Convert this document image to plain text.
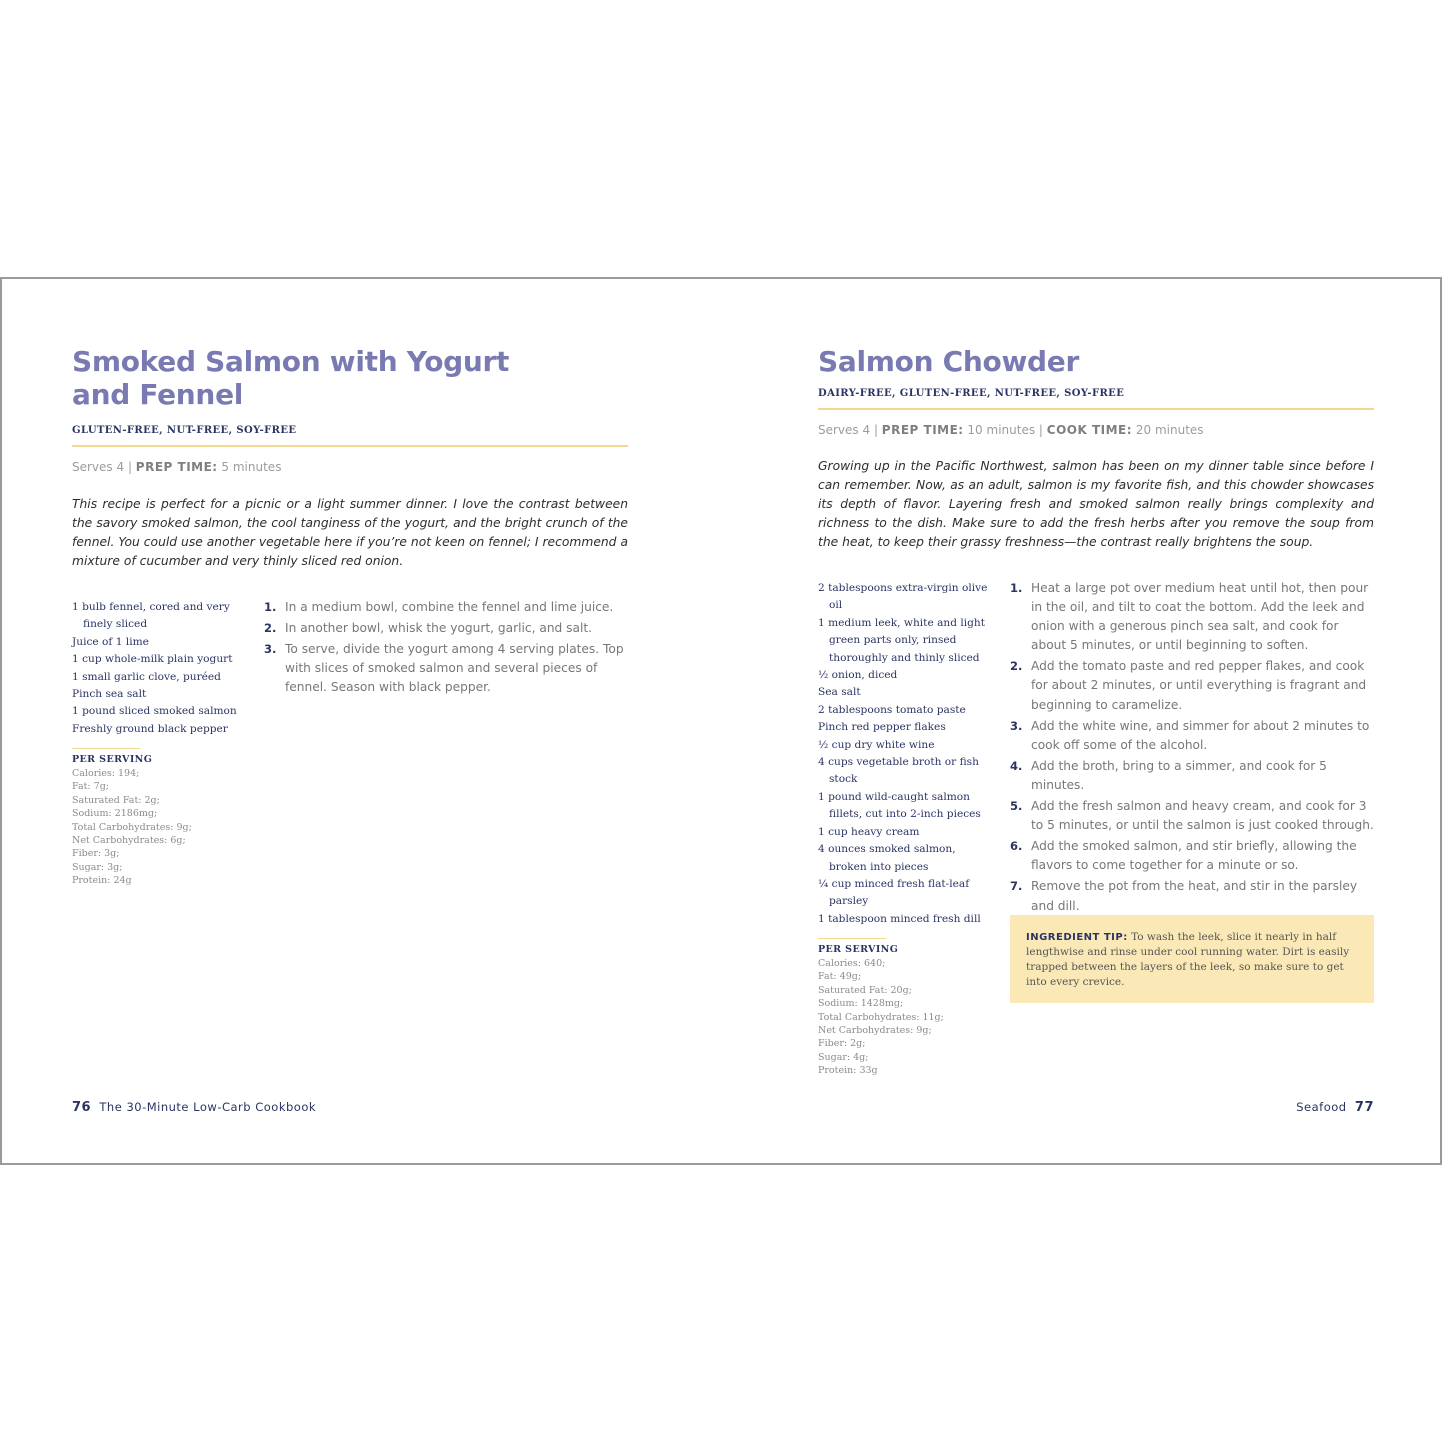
Smoked Salmon with Yogurt
and Fennel
GLUTEN-FREE, NUT-FREE, SOY-FREE
Serves 4 | PREP TIME: 5 minutes

This recipe is perfect for a picnic or a light summer dinner. I love the contrast between the savory smoked salmon, the cool tanginess of the yogurt, and the bright crunch of the fennel. You could use another vegetable here if you’re not keen on fennel; I recommend a mixture of cucumber and very thinly sliced red onion.

1 bulb fennel, cored and very finely sliced
Juice of 1 lime
1 cup whole-milk plain yogurt
1 small garlic clove, puréed
Pinch sea salt
1 pound sliced smoked salmon
Freshly ground black pepper
PER SERVING
Calories: 194;
Fat: 7g;
Saturated Fat: 2g;
Sodium: 2186mg;
Total Carbohydrates: 9g;
Net Carbohydrates: 6g;
Fiber: 3g;
Sugar: 3g;
Protein: 24g
1. In a medium bowl, combine the fennel and lime juice.
2. In another bowl, whisk the yogurt, garlic, and salt.
3. To serve, divide the yogurt among 4 serving plates. Top with slices of smoked salmon and several pieces of fennel. Season with black pepper.
76 The 30-Minute Low-Carb Cookbook
Salmon Chowder
DAIRY-FREE, GLUTEN-FREE, NUT-FREE, SOY-FREE
Serves 4 | PREP TIME: 10 minutes | COOK TIME: 20 minutes

Growing up in the Pacific Northwest, salmon has been on my dinner table since before I can remember. Now, as an adult, salmon is my favorite fish, and this chowder showcases its depth of flavor. Layering fresh and smoked salmon really brings complexity and richness to the dish. Make sure to add the fresh herbs after you remove the soup from the heat, to keep their grassy freshness—the contrast really brightens the soup.

2 tablespoons extra-virgin olive oil
1 medium leek, white and light green parts only, rinsed thoroughly and thinly sliced
½ onion, diced
Sea salt
2 tablespoons tomato paste
Pinch red pepper flakes
½ cup dry white wine
4 cups vegetable broth or fish stock
1 pound wild-caught salmon fillets, cut into 2-inch pieces
1 cup heavy cream
4 ounces smoked salmon, broken into pieces
¼ cup minced fresh flat-leaf parsley
1 tablespoon minced fresh dill
PER SERVING
Calories: 640;
Fat: 49g;
Saturated Fat: 20g;
Sodium: 1428mg;
Total Carbohydrates: 11g;
Net Carbohydrates: 9g;
Fiber: 2g;
Sugar: 4g;
Protein: 33g
1. Heat a large pot over medium heat until hot, then pour in the oil, and tilt to coat the bottom. Add the leek and onion with a generous pinch sea salt, and cook for about 5 minutes, or until beginning to soften.
2. Add the tomato paste and red pepper flakes, and cook for about 2 minutes, or until everything is fragrant and beginning to caramelize.
3. Add the white wine, and simmer for about 2 minutes to cook off some of the alcohol.
4. Add the broth, bring to a simmer, and cook for 5 minutes.
5. Add the fresh salmon and heavy cream, and cook for 3 to 5 minutes, or until the salmon is just cooked through.
6. Add the smoked salmon, and stir briefly, allowing the flavors to come together for a minute or so.
7. Remove the pot from the heat, and stir in the parsley and dill.
INGREDIENT TIP: To wash the leek, slice it nearly in half lengthwise and rinse under cool running water. Dirt is easily trapped between the layers of the leek, so make sure to get into every crevice.
Seafood 77
